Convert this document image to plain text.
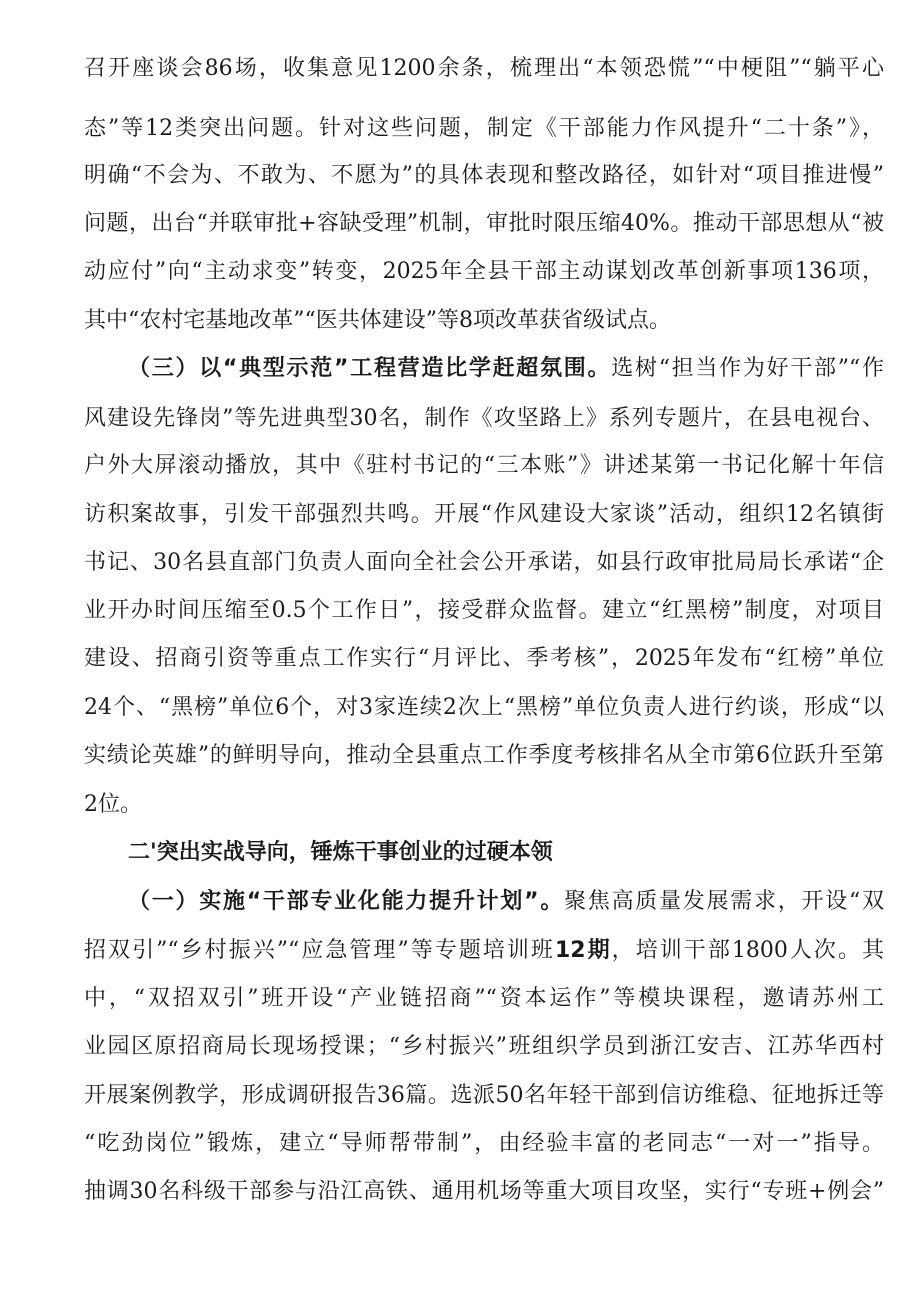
召开座谈会86场，收集意见1200余条，梳理出“本领恐慌”“中梗阻”“躺平心
态”等12类突出问题。针对这些问题，制定《干部能力作风提升“二十条”》，
明确“不会为、不敢为、不愿为”的具体表现和整改路径，如针对“项目推进慢”
问题，出台“并联审批+容缺受理”机制，审批时限压缩40%。推动干部思想从“被
动应付”向“主动求变”转变，2025年全县干部主动谋划改革创新事项136项，
其中“农村宅基地改革”“医共体建设”等8项改革获省级试点。
（三）以“典型示范”工程营造比学赶超氛围。选树“担当作为好干部”“作
风建设先锋岗”等先进典型30名，制作《攻坚路上》系列专题片，在县电视台、
户外大屏滚动播放，其中《驻村书记的“三本账”》讲述某第一书记化解十年信
访积案故事，引发干部强烈共鸣。开展“作风建设大家谈”活动，组织12名镇街
书记、30名县直部门负责人面向全社会公开承诺，如县行政审批局局长承诺“企
业开办时间压缩至0.5个工作日”，接受群众监督。建立“红黑榜”制度，对项目
建设、招商引资等重点工作实行“月评比、季考核”，2025年发布“红榜”单位
24个、“黑榜”单位6个，对3家连续2次上“黑榜”单位负责人进行约谈，形成“以
实绩论英雄”的鲜明导向，推动全县重点工作季度考核排名从全市第6位跃升至第
2位。
二'突出实战导向，锤炼干事创业的过硬本领
（一）实施“干部专业化能力提升计划”。聚焦高质量发展需求，开设“双
招双引”“乡村振兴”“应急管理”等专题培训班12期，培训干部1800人次。其
中，“双招双引”班开设“产业链招商”“资本运作”等模块课程，邀请苏州工
业园区原招商局长现场授课；“乡村振兴”班组织学员到浙江安吉、江苏华西村
开展案例教学，形成调研报告36篇。选派50名年轻干部到信访维稳、征地拆迁等
“吃劲岗位”锻炼，建立“导师帮带制”，由经验丰富的老同志“一对一”指导。
抽调30名科级干部参与沿江高铁、通用机场等重大项目攻坚，实行“专班+例会”
